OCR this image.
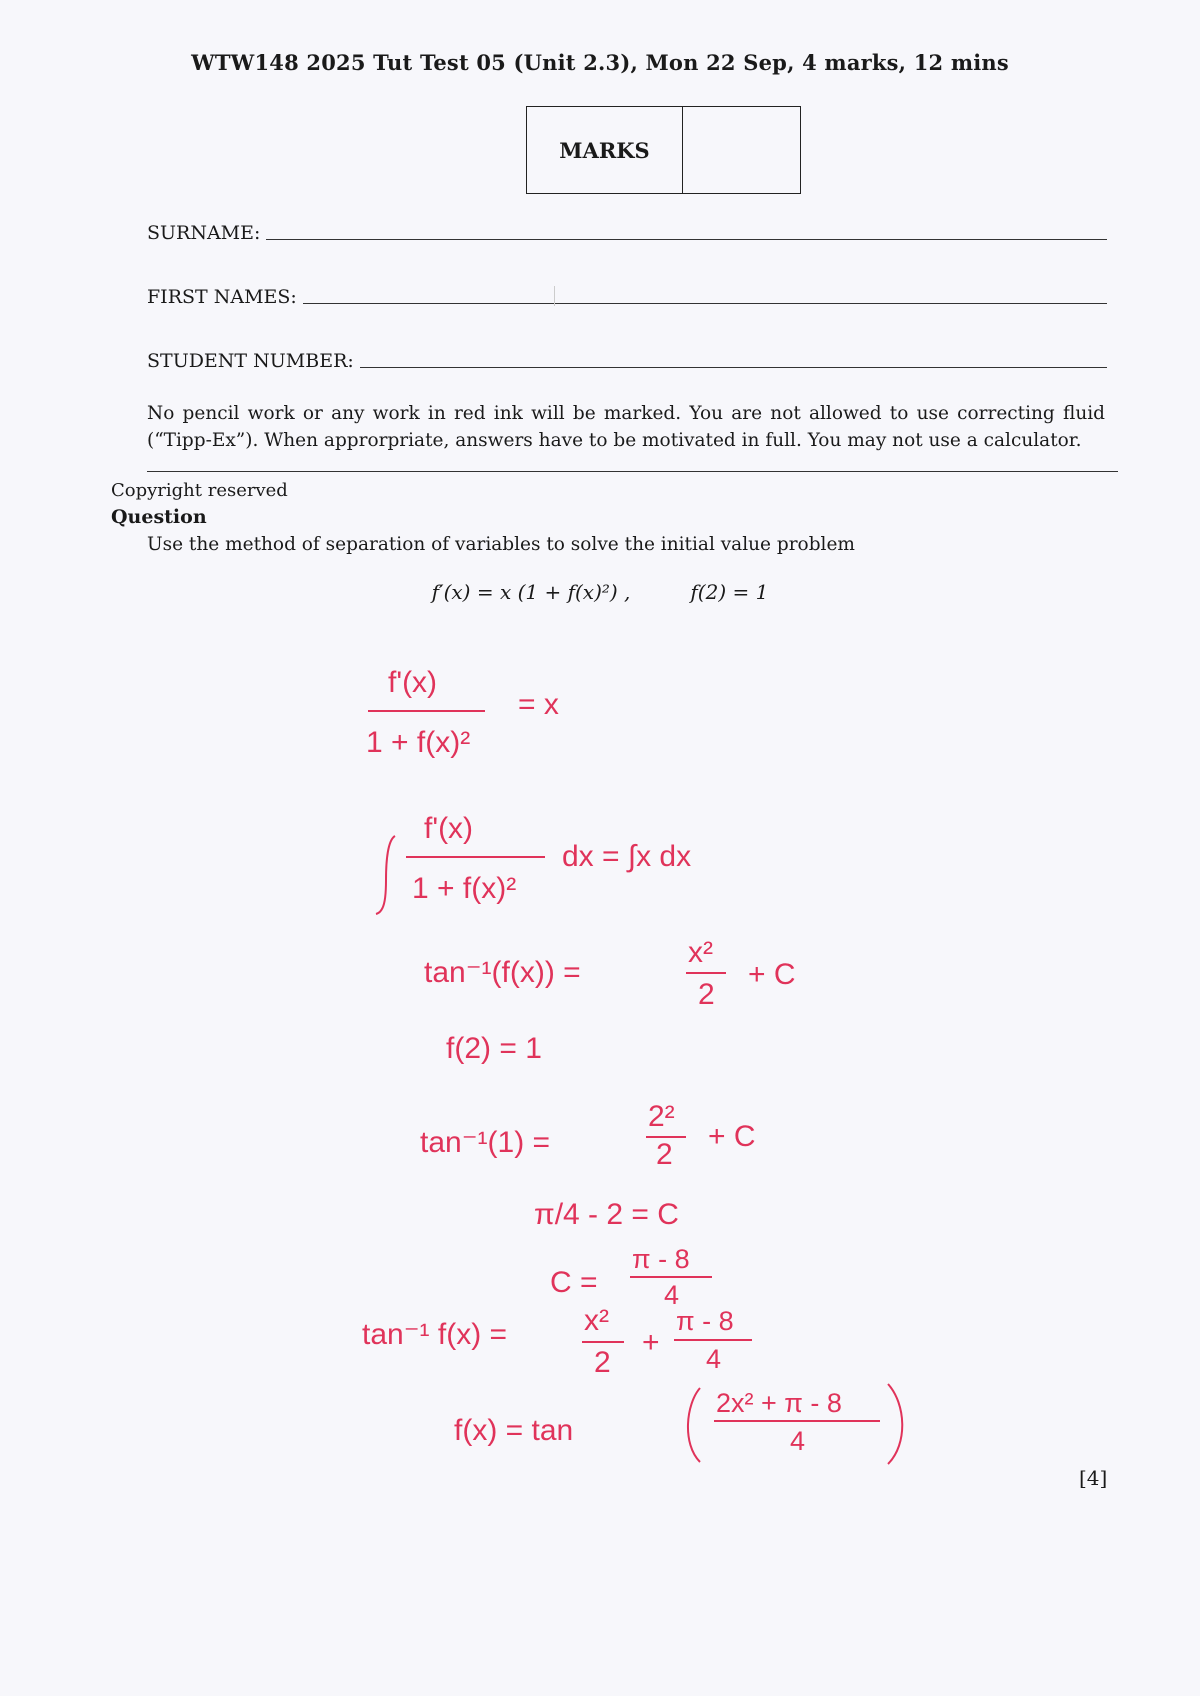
WTW148 2025 Tut Test 05 (Unit 2.3), Mon 22 Sep, 4 marks, 12 mins
MARKS
SURNAME:
FIRST NAMES:
STUDENT NUMBER:
No pencil work or any work in red ink will be marked. You are not allowed to use correcting fluid (“Tipp-Ex”). When approrpriate, answers have to be motivated in full. You may not use a calculator.
Copyright reserved
Question
Use the method of separation of variables to solve the initial value problem
f′(x) = x (1 + f(x)²) ,	f(2) = 1
f'(x)
1 + f(x)²
= x
f'(x)
1 + f(x)²
dx = ∫x dx
tan⁻¹(f(x)) =
x²
2
+ C
f(2) = 1
tan⁻¹(1) =
2²
2
+ C
π/4 - 2 = C
C =
π - 8
4
tan⁻¹ f(x) =	x²
2
+
π - 8
4
f(x) = tan
2x² + π - 8
4
[4]
